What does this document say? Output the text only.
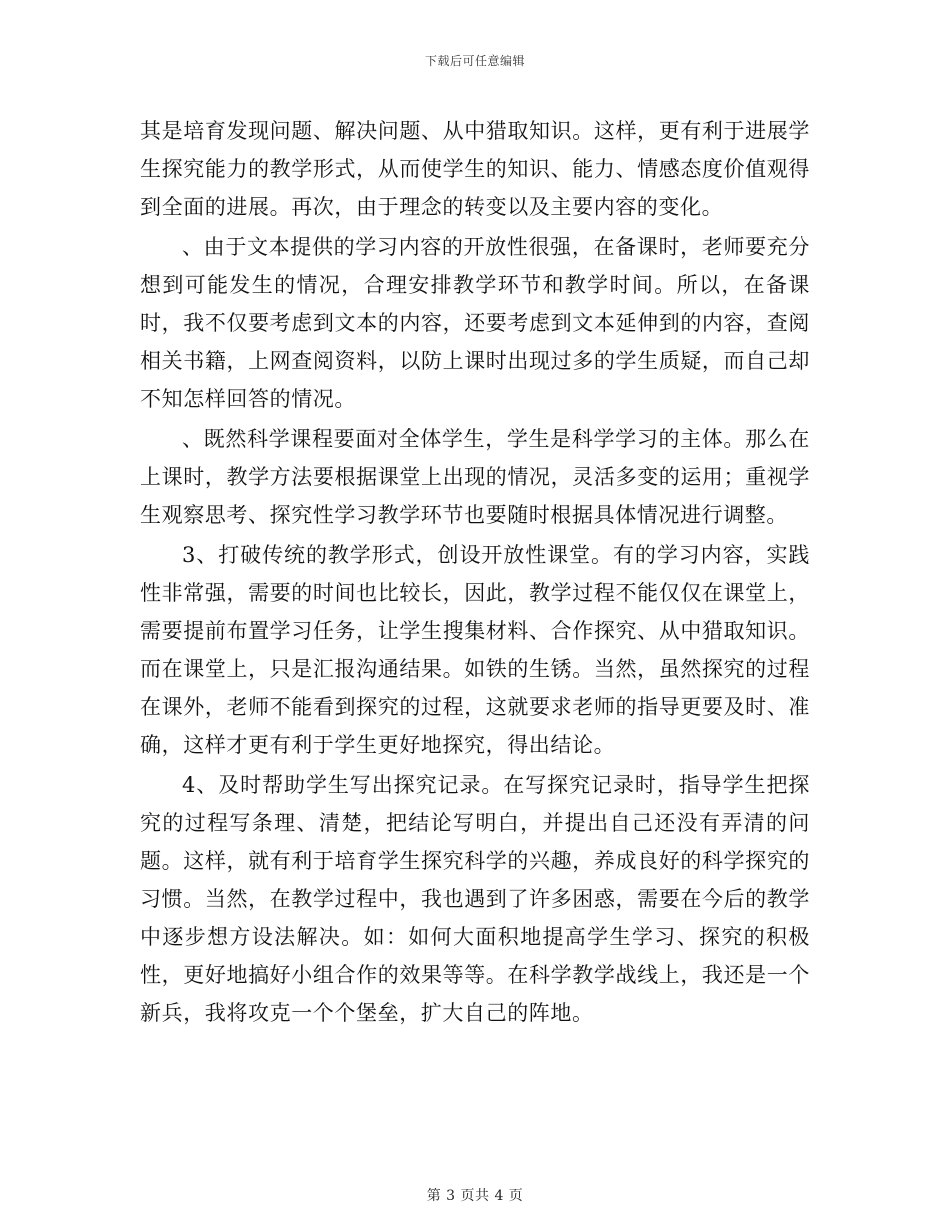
下载后可任意编辑

其是培育发现问题、解决问题、从中猎取知识。这样，更有利于进展学生探究能力的教学形式，从而使学生的知识、能力、情感态度价值观得到全面的进展。再次，由于理念的转变以及主要内容的变化。

、由于文本提供的学习内容的开放性很强，在备课时，老师要充分想到可能发生的情况，合理安排教学环节和教学时间。所以，在备课时，我不仅要考虑到文本的内容，还要考虑到文本延伸到的内容，查阅相关书籍，上网查阅资料，以防上课时出现过多的学生质疑，而自己却不知怎样回答的情况。

、既然科学课程要面对全体学生，学生是科学学习的主体。那么在上课时，教学方法要根据课堂上出现的情况，灵活多变的运用；重视学生观察思考、探究性学习教学环节也要随时根据具体情况进行调整。

3、打破传统的教学形式，创设开放性课堂。有的学习内容，实践性非常强，需要的时间也比较长，因此，教学过程不能仅仅在课堂上，需要提前布置学习任务，让学生搜集材料、合作探究、从中猎取知识。而在课堂上，只是汇报沟通结果。如铁的生锈。当然，虽然探究的过程在课外，老师不能看到探究的过程，这就要求老师的指导更要及时、准确，这样才更有利于学生更好地探究，得出结论。

4、及时帮助学生写出探究记录。在写探究记录时，指导学生把探究的过程写条理、清楚，把结论写明白，并提出自己还没有弄清的问题。这样，就有利于培育学生探究科学的兴趣，养成良好的科学探究的习惯。当然，在教学过程中，我也遇到了许多困惑，需要在今后的教学中逐步想方设法解决。如：如何大面积地提高学生学习、探究的积极性，更好地搞好小组合作的效果等等。在科学教学战线上，我还是一个新兵，我将攻克一个个堡垒，扩大自己的阵地。

第 3 页共 4 页
